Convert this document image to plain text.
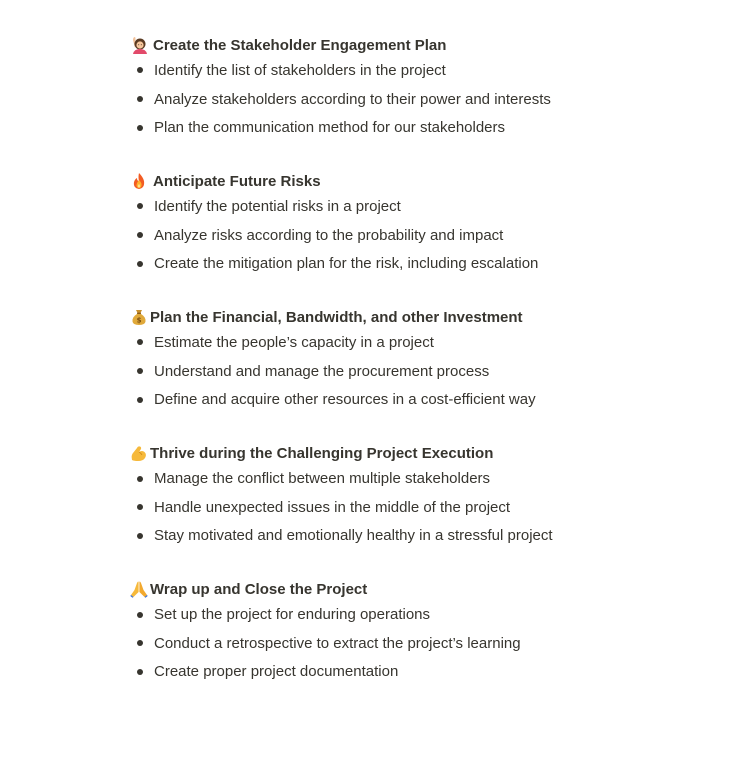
Create the Stakeholder Engagement Plan
Identify the list of stakeholders in the project
Analyze stakeholders according to their power and interests
Plan the communication method for our stakeholders
Anticipate Future Risks
Identify the potential risks in a project
Analyze risks according to the probability and impact
Create the mitigation plan for the risk, including escalation
$ Plan the Financial, Bandwidth, and other Investment
Estimate the people’s capacity in a project
Understand and manage the procurement process
Define and acquire other resources in a cost-efficient way
Thrive during the Challenging Project Execution
Manage the conflict between multiple stakeholders
Handle unexpected issues in the middle of the project
Stay motivated and emotionally healthy in a stressful project
Wrap up and Close the Project
Set up the project for enduring operations
Conduct a retrospective to extract the project’s learning
Create proper project documentation
